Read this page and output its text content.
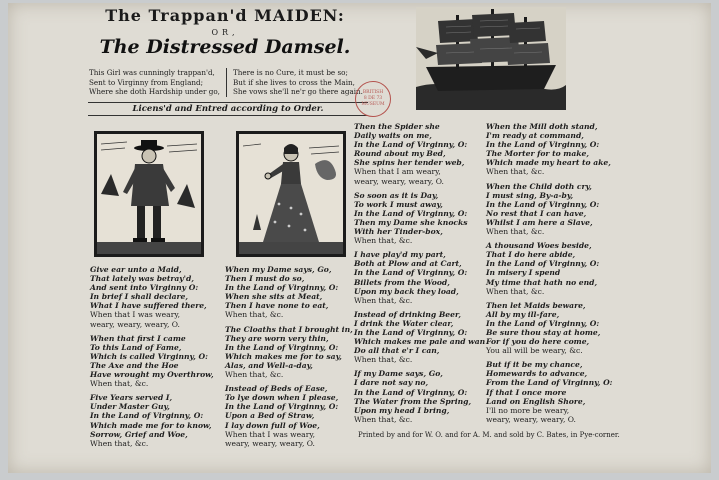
The Trappan'd MAIDEN:
OR,
The Distressed Damsel.
This Girl was cunningly trappan'd,
Sent to Virginny from England;
Where she doth Hardship under go,
There is no Cure, it must be so;
But if she lives to cross the Main,
She vows she'll ne'r go there again.
Licens'd and Entred according to Order.
BRITISH
8 DE 73
MUSEUM
Give ear unto a Maid,
That lately was betray'd,
And sent into Virginny O:
In brief I shall declare,
What I have suffered there,
When that I was weary,
weary, weary, weary, O.
When that first I came
To this Land of Fame,
Which is called Virginny, O:
The Axe and the Hoe
Have wrought my Overthrow,
When that, &c.
Five Years served I,
Under Master Guy,
In the Land of Virginny, O:
Which made me for to know,
Sorrow, Grief and Woe,
When that, &c.
When my Dame says, Go,
Then I must do so,
In the Land of Virginny, O:
When she sits at Meat,
Then I have none to eat,
When that, &c.
The Cloaths that I brought in,
They are worn very thin,
In the Land of Virginny, O:
Which makes me for to say,
Alas, and Well-a-day,
When that, &c.
Instead of Beds of Ease,
To lye down when I please,
In the Land of Virginny, O:
Upon a Bed of Straw,
I lay down full of Woe,
When that I was weary,
weary, weary, weary, O.
Then the Spider she
Daily waits on me,
In the Land of Virginny, O:
Round about my Bed,
She spins her tender web,
When that I am weary,
weary, weary, weary, O.
So soon as it is Day,
To work I must away,
In the Land of Virginny, O:
Then my Dame she knocks
With her Tinder-box,
When that, &c.
I have play'd my part,
Both at Plow and at Cart,
In the Land of Virginny, O:
Billets from the Wood,
Upon my back they load,
When that, &c.
Instead of drinking Beer,
I drink the Water clear,
In the Land of Virginny, O:
Which makes me pale and wan
Do all that e'r I can,
When that, &c.
If my Dame says, Go,
I dare not say no,
In the Land of Virginny, O:
The Water from the Spring,
Upon my head I bring,
When that, &c.
When the Mill doth stand,
I'm ready at command,
In the Land of Virginny, O:
The Morter for to make,
Which made my heart to ake,
When that, &c.
When the Child doth cry,
I must sing, By-a-by,
In the Land of Virginny, O:
No rest that I can have,
Whilst I am here a Slave,
When that, &c.
A thousand Woes beside,
That I do here abide,
In the Land of Virginny, O:
In misery I spend
My time that hath no end,
When that, &c.
Then let Maids beware,
All by my ill-fare,
In the Land of Virginny, O:
Be sure thou stay at home,
For if you do here come,
You all will be weary, &c.
But if it be my chance,
Homewards to advance,
From the Land of Virginny, O:
If that I once more
Land on English Shore,
I'll no more be weary,
weary, weary, weary, O.
Printed by and for W. O. and for A. M. and sold by C. Bates, in Pye-corner.
